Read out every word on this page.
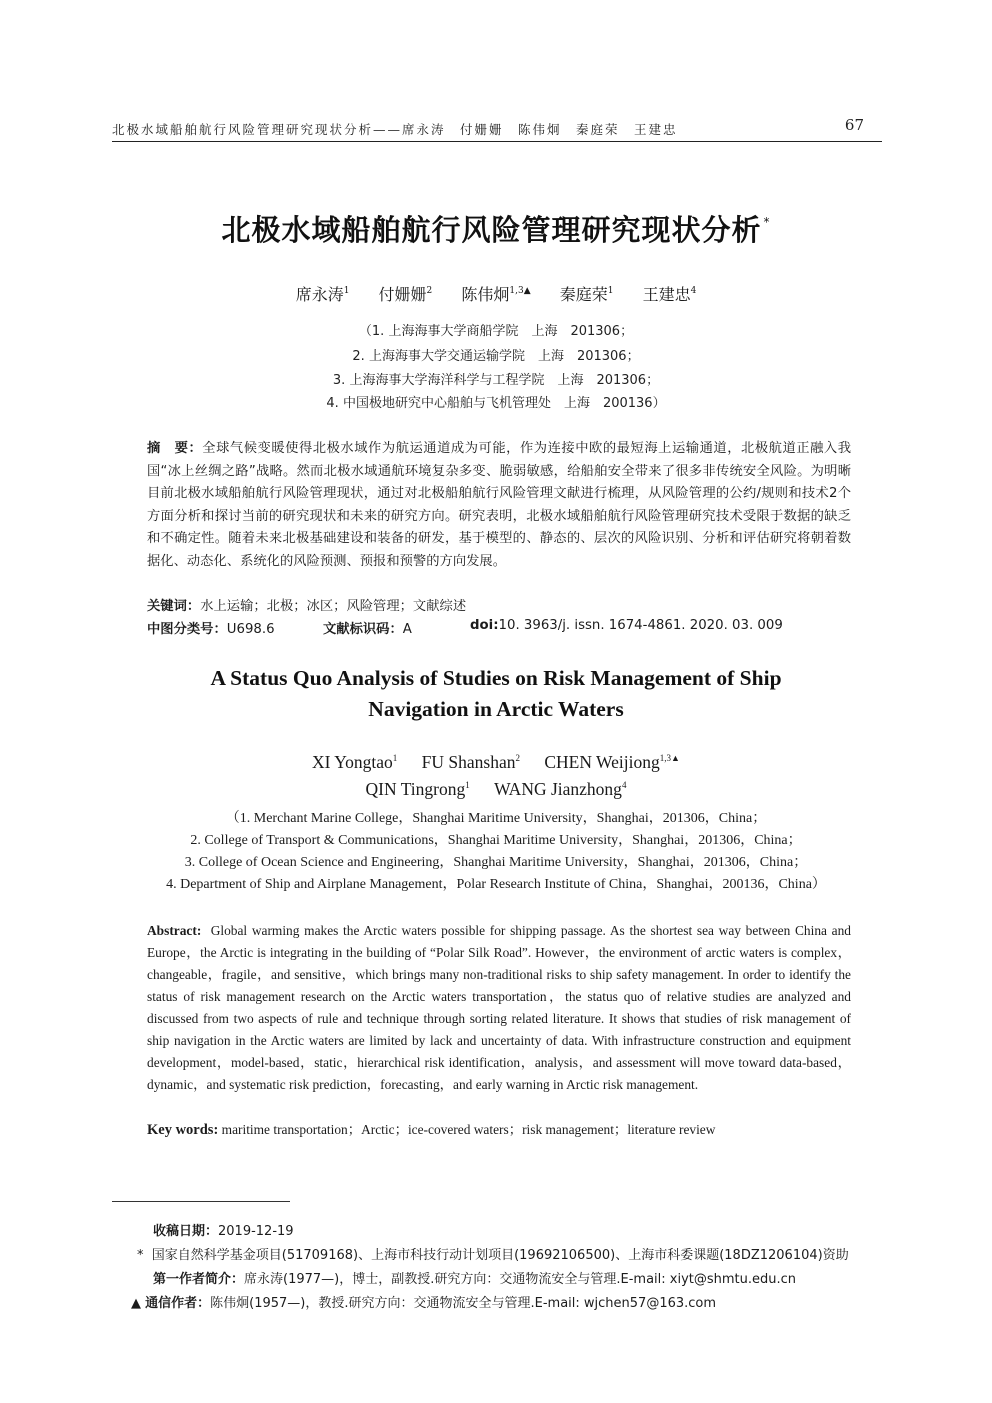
北极水域船舶航行风险管理研究现状分析——席永涛　付姗姗　陈伟炯　秦庭荣　王建忠	67
北极水域船舶航行风险管理研究现状分析 *
席永涛$^1$ 付姗姗$^2$ 陈伟炯$^{1,3▲}$ 秦庭荣$^1$ 王建忠$^4$
（1. 上海海事大学商船学院　上海　201306；
2. 上海海事大学交通运输学院　上海　201306；
3. 上海海事大学海洋科学与工程学院　上海　201306；
4. 中国极地研究中心船舶与飞机管理处　上海　200136）
摘　要：全球气候变暖使得北极水域作为航运通道成为可能，作为连接中欧的最短海上运输通道，北极航道正融入我国“冰上丝绸之路”战略。然而北极水域通航环境复杂多变、脆弱敏感，给船舶安全带来了很多非传统安全风险。为明晰目前北极水域船舶航行风险管理现状，通过对北极船舶航行风险管理文献进行梳理，从风险管理的公约/规则和技术2个方面分析和探讨当前的研究现状和未来的研究方向。研究表明，北极水域船舶航行风险管理研究技术受限于数据的缺乏和不确定性。随着未来北极基础建设和装备的研发，基于模型的、静态的、层次的风险识别、分析和评估研究将朝着数据化、动态化、系统化的风险预测、预报和预警的方向发展。
关键词：水上运输；北极；冰区；风险管理；文献综述
中图分类号：U698.6	文献标识码：A	doi:10. 3963/j. issn. 1674-4861. 2020. 03. 009
A Status Quo Analysis of Studies on Risk Management of Ship
Navigation in Arctic Waters
XI Yongtao$^1$ FU Shanshan$^2$ CHEN Weijiong$^{1,3▲}$
QIN Tingrong$^1$ WANG Jianzhong$^4$
（1. Merchant Marine College，Shanghai Maritime University，Shanghai，201306，China；
2. College of Transport & Communications，Shanghai Maritime University，Shanghai，201306，China；
3. College of Ocean Science and Engineering，Shanghai Maritime University，Shanghai，201306，China；
4. Department of Ship and Airplane Management，Polar Research Institute of China，Shanghai，200136，China）
Abstract: Global warming makes the Arctic waters possible for shipping passage. As the shortest sea way between China and Europe，the Arctic is integrating in the building of “Polar Silk Road”. However，the environment of arctic waters is complex，changeable，fragile，and sensitive，which brings many non-traditional risks to ship safety management. In order to identify the status of risk management research on the Arctic waters transportation，the status quo of relative studies are analyzed and discussed from two aspects of rule and technique through sorting related literature. It shows that studies of risk management of ship navigation in the Arctic waters are limited by lack and uncertainty of data. With infrastructure construction and equipment development，model-based，static，hierarchical risk identification，analysis，and assessment will move toward data-based，dynamic，and systematic risk prediction，forecasting，and early warning in Arctic risk management.
Key words: maritime transportation；Arctic；ice-covered waters；risk management；literature review
收稿日期：2019-12-19
* 国家自然科学基金项目(51709168)、上海市科技行动计划项目(19692106500)、上海市科委课题(18DZ1206104)资助
第一作者简介：席永涛(1977—)，博士，副教授.研究方向：交通物流安全与管理.E-mail: xiyt@shmtu.edu.cn
▲ 通信作者：陈伟炯(1957—)，教授.研究方向：交通物流安全与管理.E-mail: wjchen57@163.com
